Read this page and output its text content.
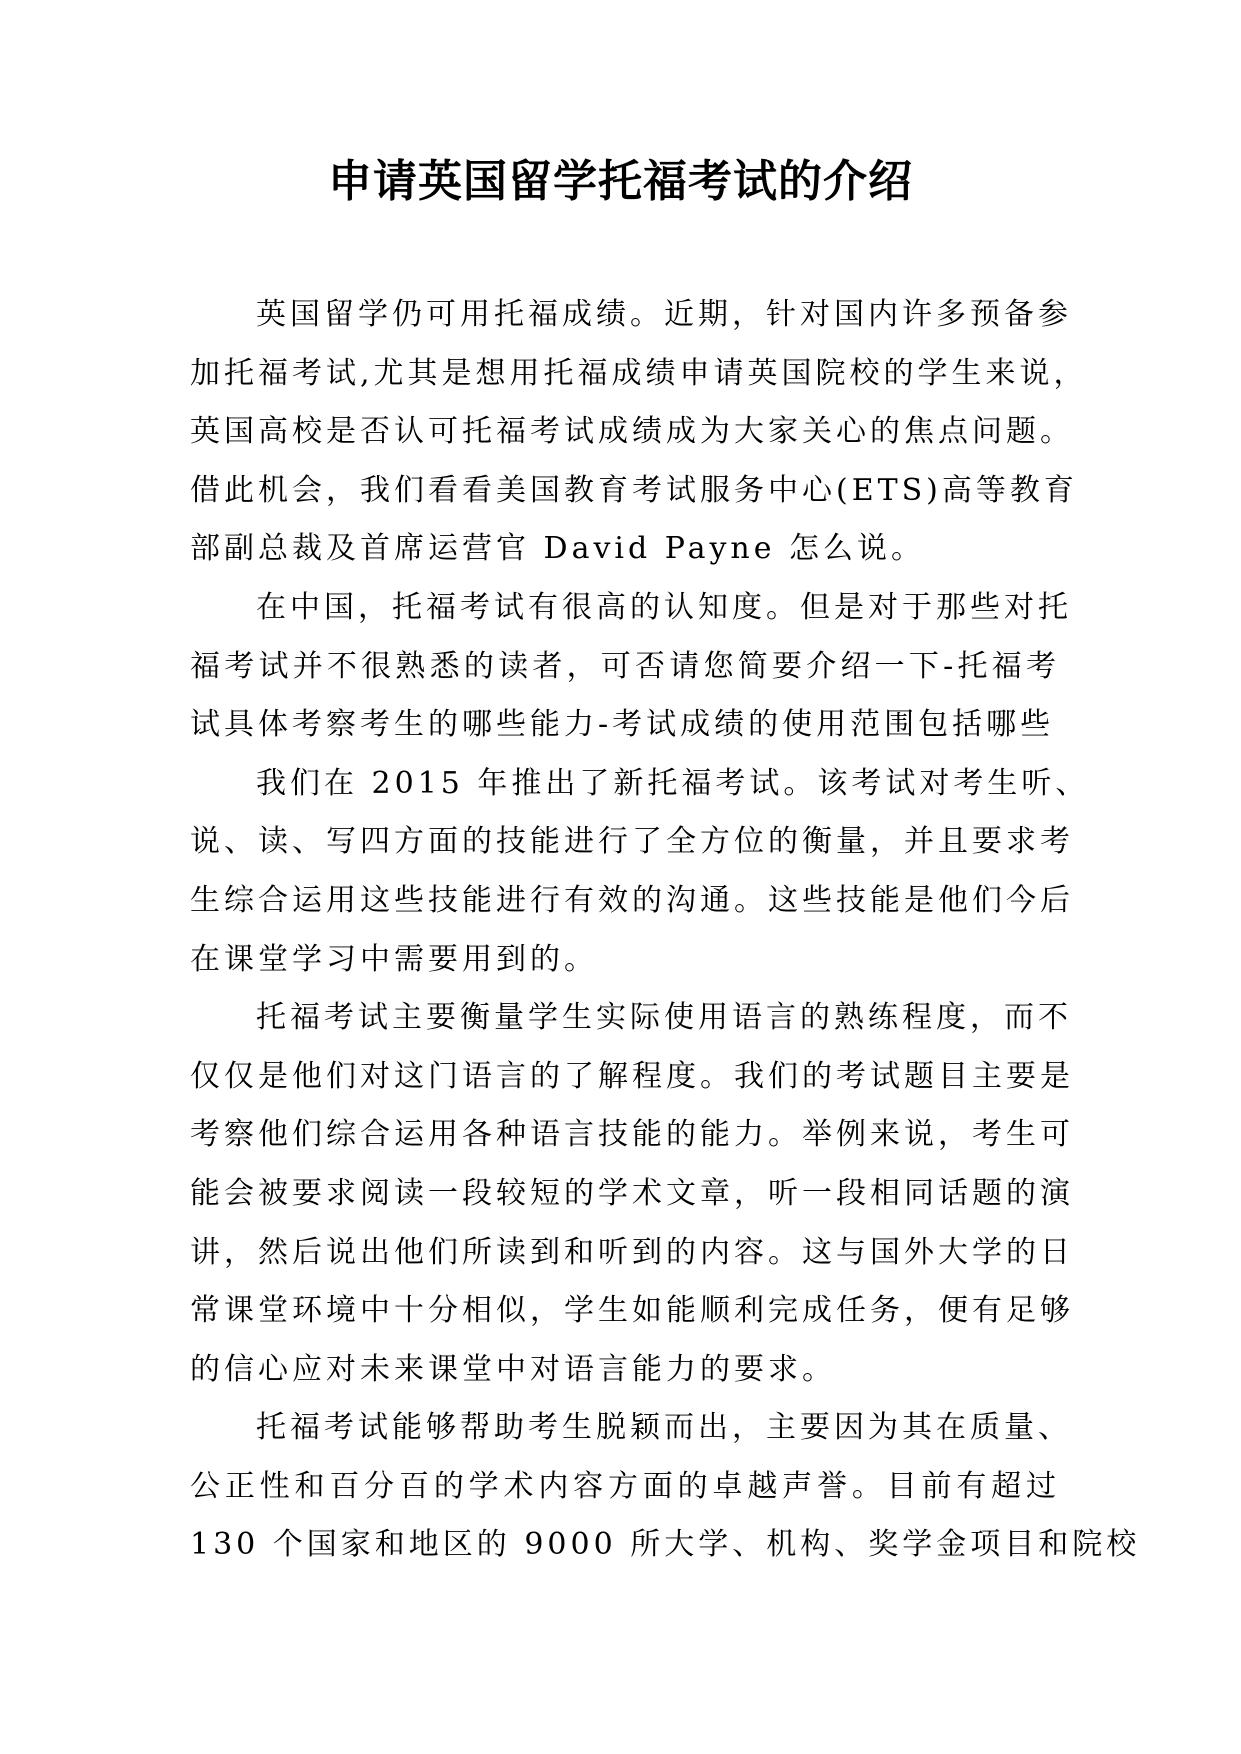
申请英国留学托福考试的介绍

英国留学仍可用托福成绩。近期，针对国内许多预备参
加托福考试,尤其是想用托福成绩申请英国院校的学生来说，
英国高校是否认可托福考试成绩成为大家关心的焦点问题。
借此机会，我们看看美国教育考试服务中心(ETS)高等教育
部副总裁及首席运营官 David Payne 怎么说。

在中国，托福考试有很高的认知度。但是对于那些对托
福考试并不很熟悉的读者，可否请您简要介绍一下-托福考
试具体考察考生的哪些能力-考试成绩的使用范围包括哪些

我们在 2015 年推出了新托福考试。该考试对考生听、
说、读、写四方面的技能进行了全方位的衡量，并且要求考
生综合运用这些技能进行有效的沟通。这些技能是他们今后
在课堂学习中需要用到的。

托福考试主要衡量学生实际使用语言的熟练程度，而不
仅仅是他们对这门语言的了解程度。我们的考试题目主要是
考察他们综合运用各种语言技能的能力。举例来说，考生可
能会被要求阅读一段较短的学术文章，听一段相同话题的演
讲，然后说出他们所读到和听到的内容。这与国外大学的日
常课堂环境中十分相似，学生如能顺利完成任务，便有足够
的信心应对未来课堂中对语言能力的要求。

托福考试能够帮助考生脱颖而出，主要因为其在质量、
公正性和百分百的学术内容方面的卓越声誉。目前有超过
130 个国家和地区的 9000 所大学、机构、奖学金项目和院校
